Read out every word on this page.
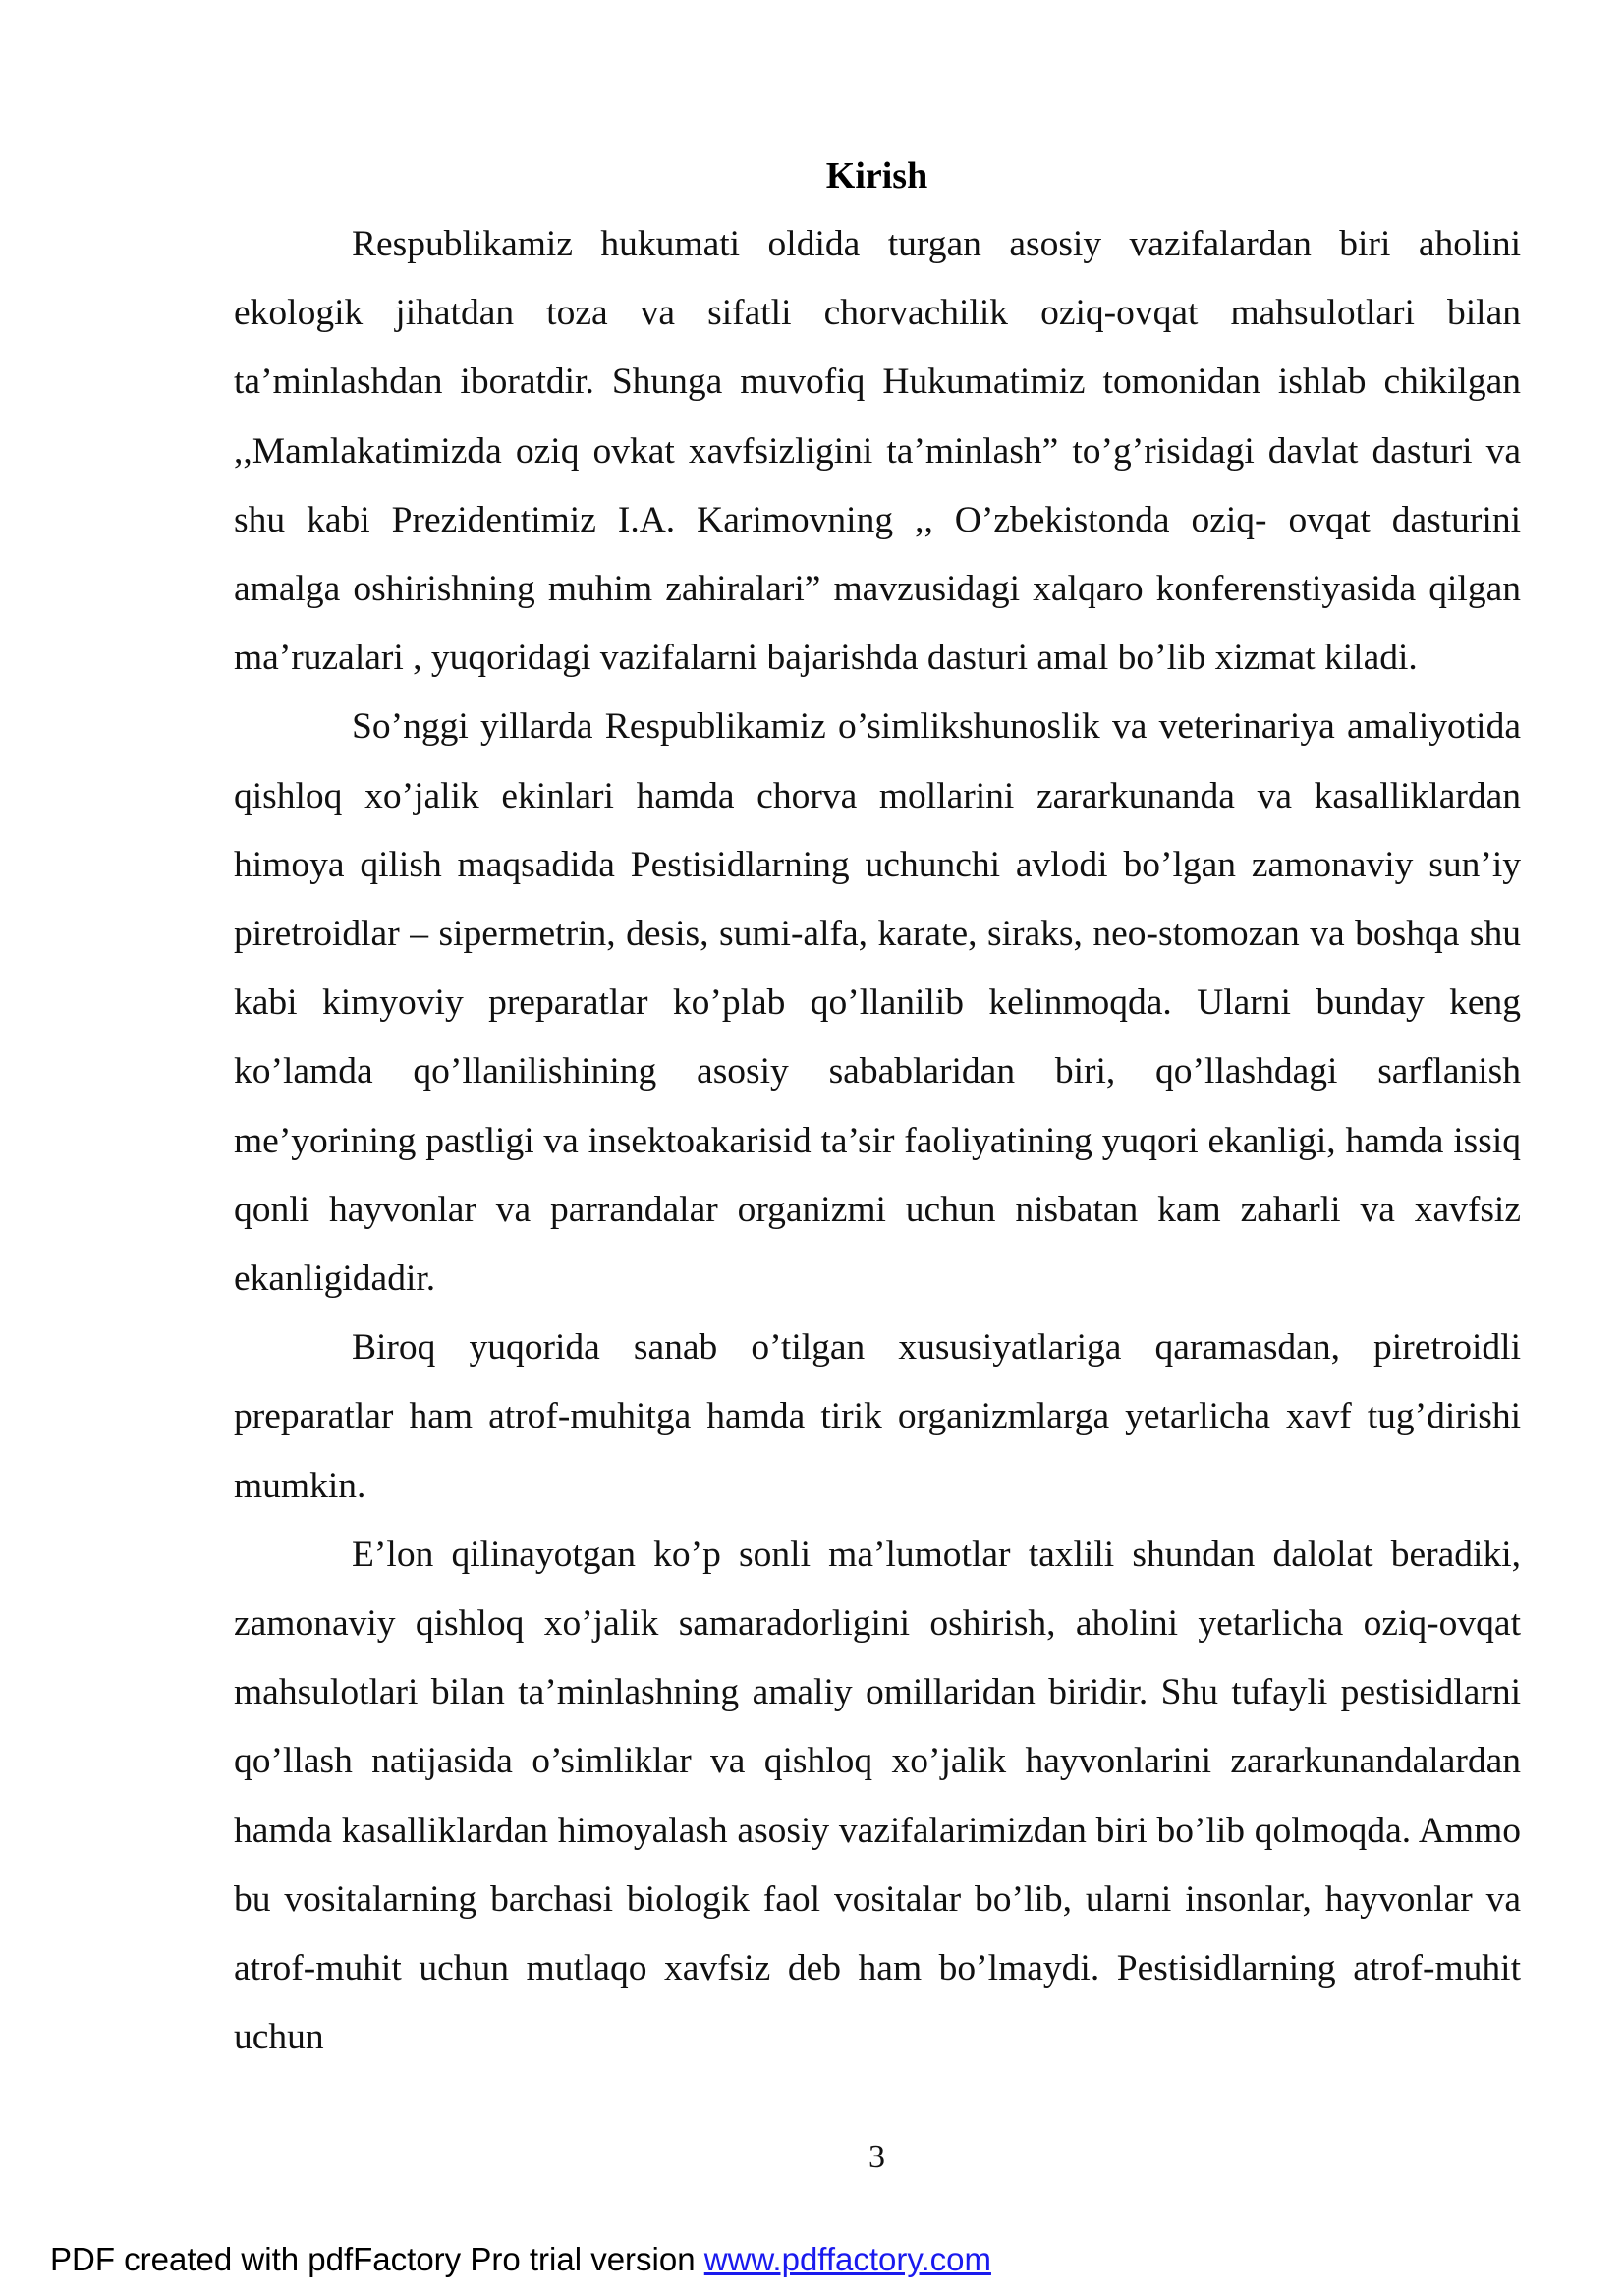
Kirish

Respublikamiz hukumati oldida turgan asosiy vazifalardan biri aholini ekologik jihatdan toza va sifatli chorvachilik oziq-ovqat mahsulotlari bilan ta’minlashdan iboratdir. Shunga muvofiq Hukumatimiz tomonidan ishlab chikilgan ,,Mamlakatimizda oziq ovkat xavfsizligini ta’minlash” to’g’risidagi davlat dasturi va shu kabi Prezidentimiz I.A. Karimovning ,, O’zbekistonda oziq- ovqat dasturini amalga oshirishning muhim zahiralari” mavzusidagi xalqaro konferenstiyasida qilgan ma’ruzalari , yuqoridagi vazifalarni bajarishda dasturi amal bo’lib xizmat kiladi.

So’nggi yillarda Respublikamiz o’simlikshunoslik va veterinariya amaliyotida qishloq xo’jalik ekinlari hamda chorva mollarini zararkunanda va kasalliklardan himoya qilish maqsadida Pestisidlarning uchunchi avlodi bo’lgan zamonaviy sun’iy piretroidlar – sipermetrin, desis, sumi-alfa, karate, siraks, neo-stomozan va boshqa shu kabi kimyoviy preparatlar ko’plab qo’llanilib kelinmoqda. Ularni bunday keng ko’lamda qo’llanilishining asosiy sabablaridan biri, qo’llashdagi sarflanish me’yorining pastligi va insektoakarisid ta’sir faoliyatining yuqori ekanligi, hamda issiq qonli hayvonlar va parrandalar organizmi uchun nisbatan kam zaharli va xavfsiz ekanligidadir.

Biroq yuqorida sanab o’tilgan xususiyatlariga qaramasdan, piretroidli preparatlar ham atrof-muhitga hamda tirik organizmlarga yetarlicha xavf tug’dirishi mumkin.

E’lon qilinayotgan ko’p sonli ma’lumotlar taxlili shundan dalolat beradiki, zamonaviy qishloq xo’jalik samaradorligini oshirish, aholini yetarlicha oziq-ovqat mahsulotlari bilan ta’minlashning amaliy omillaridan biridir. Shu tufayli pestisidlarni qo’llash natijasida o’simliklar va qishloq xo’jalik hayvonlarini zararkunandalardan hamda kasalliklardan himoyalash asosiy vazifalarimizdan biri bo’lib qolmoqda. Ammo bu vositalarning barchasi biologik faol vositalar bo’lib, ularni insonlar, hayvonlar va atrof-muhit uchun mutlaqo xavfsiz deb ham bo’lmaydi. Pestisidlarning atrof-muhit uchun

3
PDF created with pdfFactory Pro trial version www.pdffactory.com
